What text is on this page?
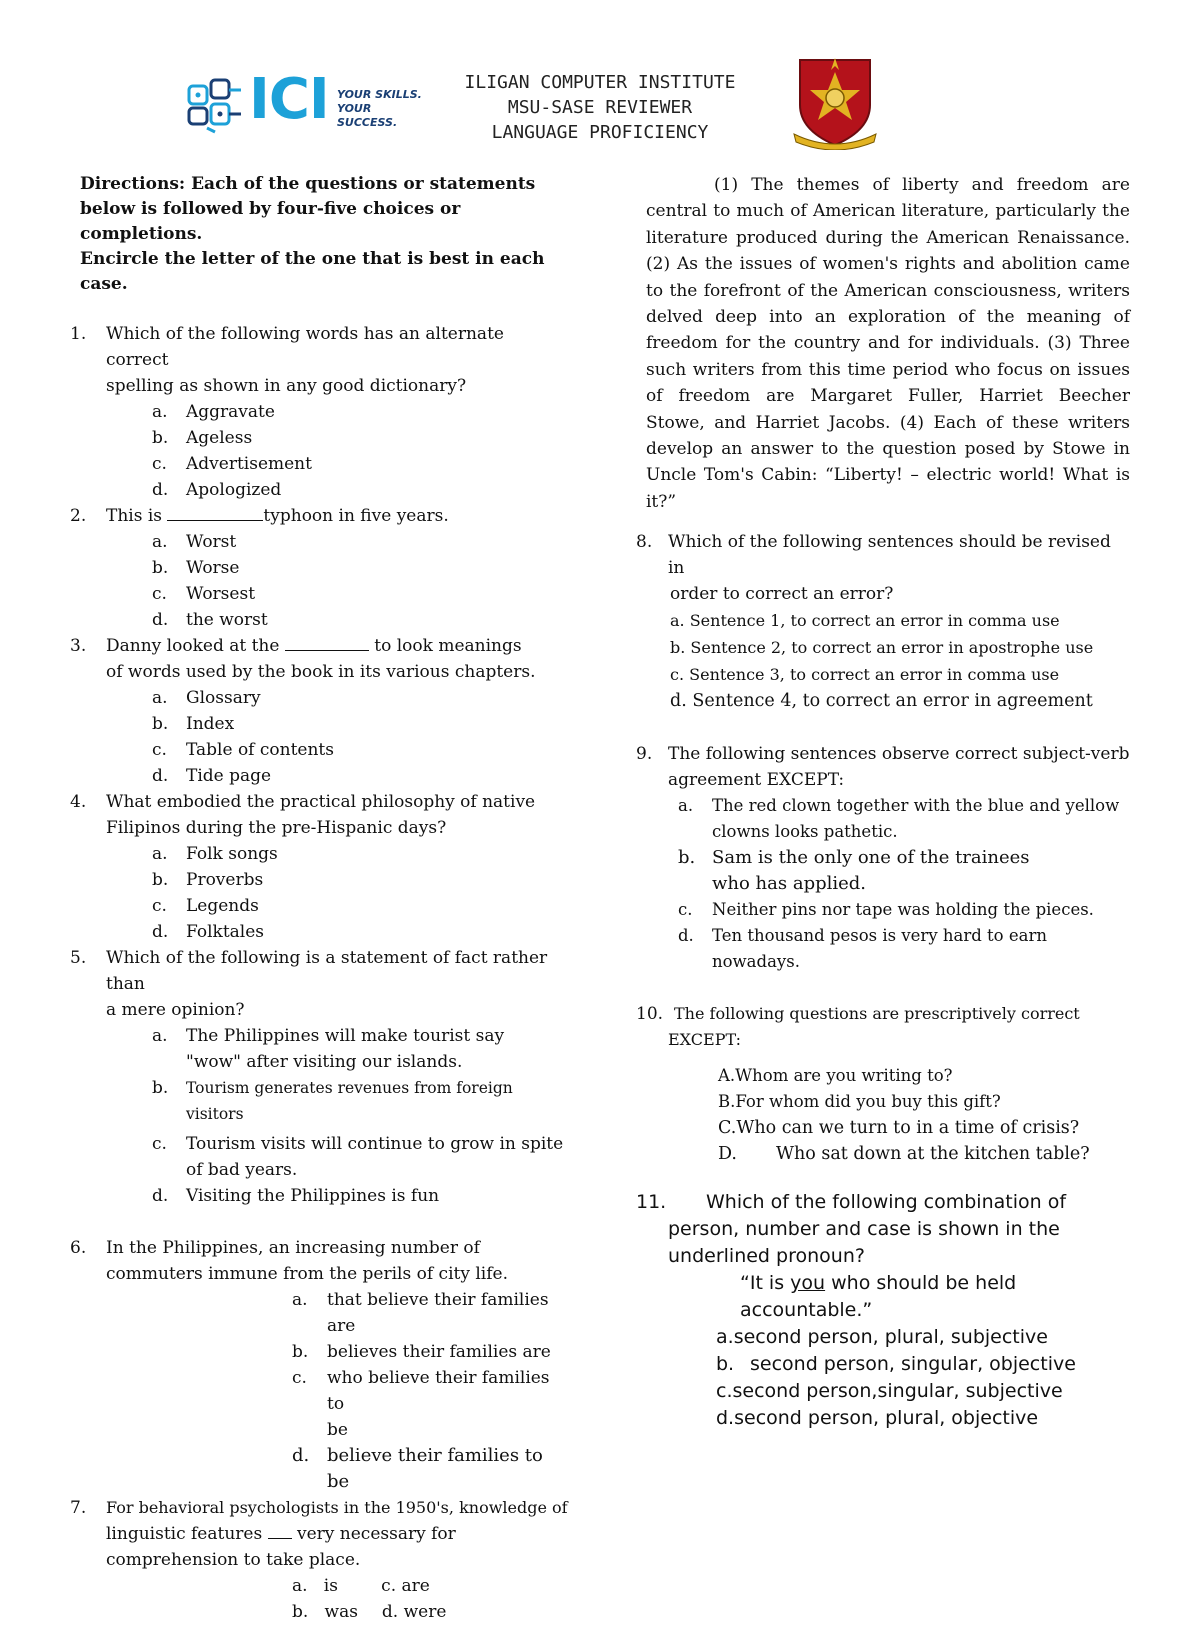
ICI YOUR SKILLS.
YOUR SUCCESS.
ILIGAN COMPUTER INSTITUTE
MSU-SASE REVIEWER
LANGUAGE PROFICIENCY
Directions: Each of the questions or statements
below is followed by four-five choices or completions.
Encircle the letter of the one that is best in each case.
1. Which of the following words has an alternate correct
spelling as shown in any good dictionary?
a. Aggravate
b. Ageless
c. Advertisement
d. Apologized
2. This is	typhoon in five years.
a. Worst
b. Worse
c. Worsest
d. the worst
3. Danny looked at the	to look meanings
of words used by the book in its various chapters.
a. Glossary
b. Index
c. Table of contents
d. Tide page
4. What embodied the practical philosophy of native
Filipinos during the pre-Hispanic days?
a. Folk songs
b. Proverbs
c. Legends
d. Folktales
5. Which of the following is a statement of fact rather than
a mere opinion?
a. The Philippines will make tourist say
"wow" after visiting our islands.
b. Tourism generates revenues from foreign visitors
c. Tourism visits will continue to grow in spite
of bad years.
d. Visiting the Philippines is fun
6. In the Philippines, an increasing number of
commuters immune from the perils of city life.
a. that believe their families are
b. believes their families are
c. who believe their families to
be
d. believe their families to
be
7. For behavioral psychologists in the 1950's, knowledge of
linguistic features very necessary for
comprehension to take place.
a. is	c. are
b. was d. were
(1) The themes of liberty and freedom are central to much of American literature, particularly the literature produced during the American Renaissance. (2) As the issues of women's rights and abolition came to the forefront of the American consciousness, writers delved deep into an exploration of the meaning of freedom for the country and for individuals. (3) Three such writers from this time period who focus on issues of freedom are Margaret Fuller, Harriet Beecher Stowe, and Harriet Jacobs. (4) Each of these writers develop an answer to the question posed by Stowe in Uncle Tom's Cabin: “Liberty! – electric world! What is it?”
8. Which of the following sentences should be revised in
order to correct an error?
a. Sentence 1, to correct an error in comma use
b. Sentence 2, to correct an error in apostrophe use
c. Sentence 3, to correct an error in comma use
d. Sentence 4, to correct an error in agreement
9. The following sentences observe correct subject-verb
agreement EXCEPT:
a. The red clown together with the blue and yellow
clowns looks pathetic.
b. Sam is the only one of the trainees
who has applied.
c. Neither pins nor tape was holding the pieces.
d. Ten thousand pesos is very hard to earn
nowadays.
10. The following questions are prescriptively correct
EXCEPT:
A.Whom are you writing to?
B.For whom did you buy this gift?
C.Who can we turn to in a time of crisis?
D. Who sat down at the kitchen table?
11.	Which of the following combination of
person, number and case is shown in the
underlined pronoun?
“It is you who should be held
accountable.”
a.second person, plural, subjective
b. second person, singular, objective
c.second person,singular, subjective
d.second person, plural, objective
